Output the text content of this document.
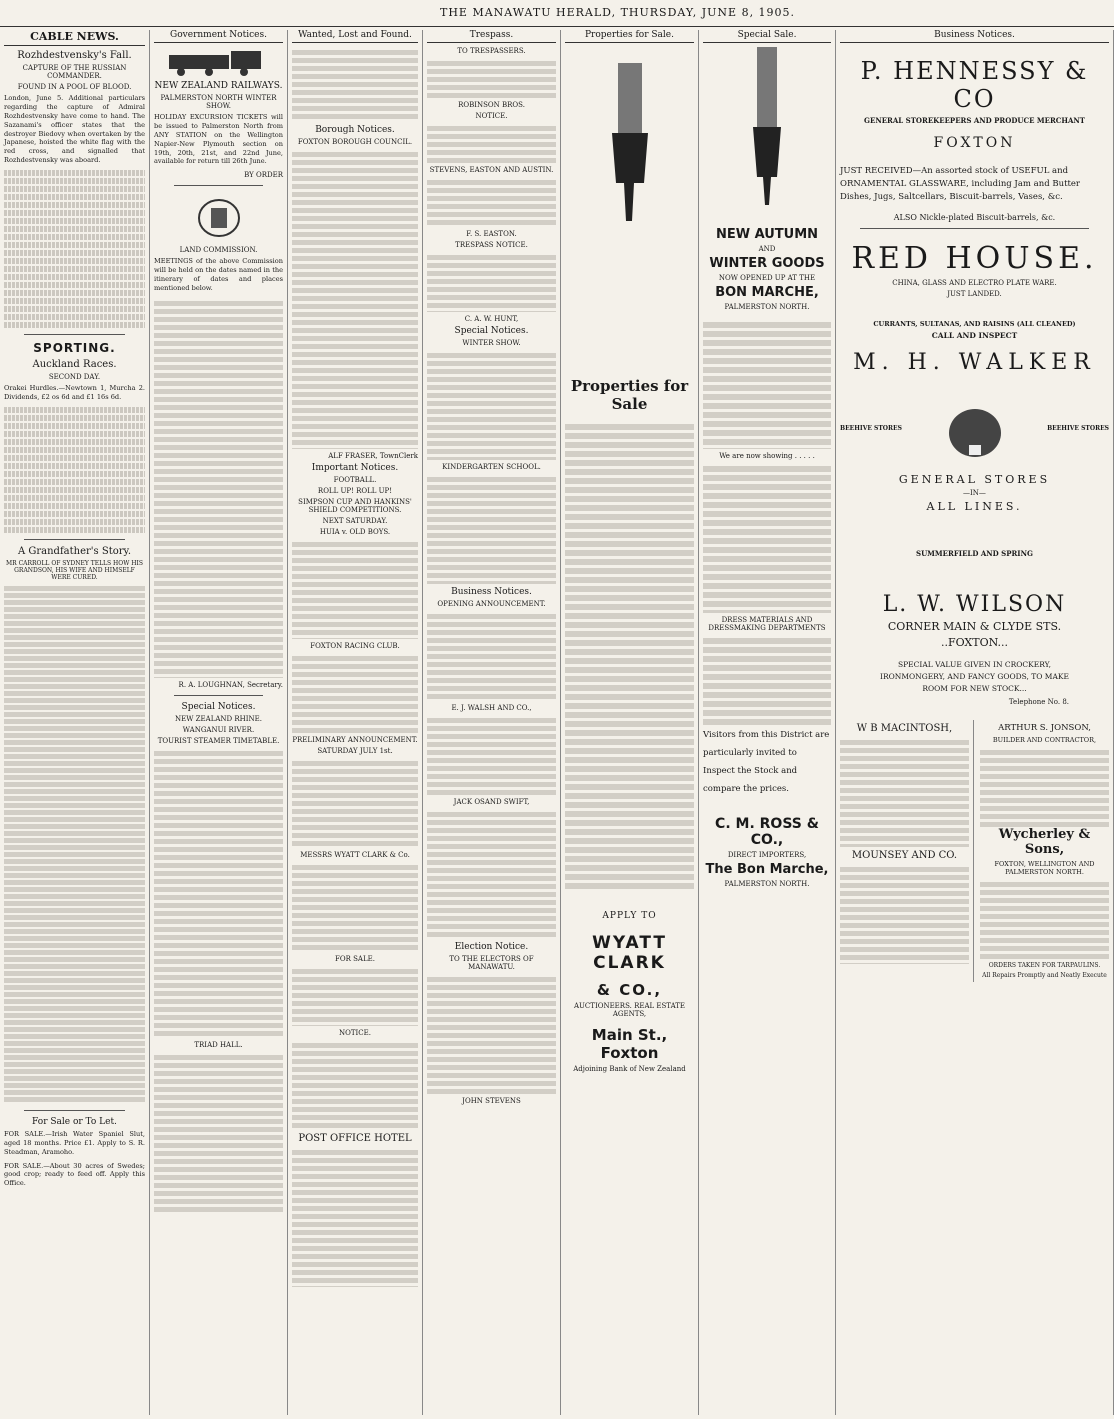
THE MANAWATU HERALD, THURSDAY, JUNE 8, 1905.
CABLE NEWS.
Rozhdestvensky's Fall.
CAPTURE OF THE RUSSIAN COMMANDER.
FOUND IN A POOL OF BLOOD.
London, June 5. Additional particulars regarding the capture of Admiral Rozhdestvensky have come to hand. The Sazanami's officer states that the destroyer Biedovy when overtaken by the Japanese, hoisted the white flag with the red cross, and signalled that Rozhdestvensky was aboard.
SPORTING.
Auckland Races.
SECOND DAY.
Orakei Hurdles.—Newtown 1, Murcha 2. Dividends, £2 os 6d and £1 16s 6d.
A Grandfather's Story.
MR CARROLL OF SYDNEY TELLS HOW HIS GRANDSON, HIS WIFE AND HIMSELF WERE CURED.
For Sale or To Let.
FOR SALE.—Irish Water Spaniel Slut, aged 18 months. Price £1. Apply to S. R. Steadman, Aramoho.
FOR SALE.—About 30 acres of Swedes; good crop; ready to feed off. Apply this Office.
Government Notices.
NEW ZEALAND RAILWAYS.
PALMERSTON NORTH WINTER SHOW.
HOLIDAY EXCURSION TICKETS will be issued to Palmerston North from ANY STATION on the Wellington Napier-New Plymouth section on 19th, 20th, 21st, and 22nd June, available for return till 26th June.
BY ORDER
LAND COMMISSION.
MEETINGS of the above Commission will be held on the dates named in the itinerary of dates and places mentioned below.
R. A. LOUGHNAN, Secretary.
Special Notices.
NEW ZEALAND RHINE.
WANGANUI RIVER.
TOURIST STEAMER TIMETABLE.
TRIAD HALL.
Wanted, Lost and Found.
Borough Notices.
FOXTON BOROUGH COUNCIL.
ALF FRASER, TownClerk
Important Notices.
FOOTBALL.
ROLL UP! ROLL UP!
SIMPSON CUP AND HANKINS' SHIELD COMPETITIONS.
NEXT SATURDAY.
HUIA v. OLD BOYS.
FOXTON RACING CLUB.
PRELIMINARY ANNOUNCEMENT.
SATURDAY JULY 1st.
MESSRS WYATT CLARK & Co.
FOR SALE.
NOTICE.
POST OFFICE HOTEL
Trespass.
TO TRESPASSERS.
ROBINSON BROS.
NOTICE.
STEVENS, EASTON AND AUSTIN.
F. S. EASTON.
TRESPASS NOTICE.
C. A. W. HUNT,
Special Notices.
WINTER SHOW.
KINDERGARTEN SCHOOL.
Business Notices.
OPENING ANNOUNCEMENT.
E. J. WALSH AND CO.,
JACK OSAND SWIFT,
Election Notice.
TO THE ELECTORS OF MANAWATU.
JOHN STEVENS
Properties for Sale.
Properties for Sale
APPLY TO
WYATT CLARK
& CO.,
AUCTIONEERS. REAL ESTATE AGENTS,
Main St., Foxton
Adjoining Bank of New Zealand
Special Sale.
NEW AUTUMN
AND
WINTER GOODS
NOW OPENED UP AT THE
BON MARCHE,
PALMERSTON NORTH.
We are now showing . . . . .
DRESS MATERIALS AND DRESSMAKING DEPARTMENTS
Visitors from this District are particularly invited to Inspect the Stock and compare the prices.
C. M. ROSS & CO.,
DIRECT IMPORTERS,
The Bon Marche,
PALMERSTON NORTH.
Business Notices.
P. HENNESSY & CO
GENERAL STOREKEEPERS AND PRODUCE MERCHANT
FOXTON
JUST RECEIVED—An assorted stock of USEFUL and ORNAMENTAL GLASSWARE, including Jam and Butter Dishes, Jugs, Saltcellars, Biscuit-barrels, Vases, &c.
ALSO Nickle-plated Biscuit-barrels, &c.
RED HOUSE.
CHINA, GLASS AND ELECTRO PLATE WARE.
JUST LANDED.
CURRANTS, SULTANAS, AND RAISINS (ALL CLEANED)
CALL AND INSPECT
M. H. WALKER
BEEHIVE STORES	BEEHIVE STORES
GENERAL STORES
—IN—
ALL LINES.
SUMMERFIELD AND SPRING
L. W. WILSON
CORNER MAIN & CLYDE STS.
..FOXTON...
SPECIAL VALUE GIVEN IN CROCKERY, IRONMONGERY, AND FANCY GOODS, TO MAKE ROOM FOR NEW STOCK...
Telephone No. 8.
W B MACINTOSH,
MOUNSEY AND CO.
ARTHUR S. JONSON,
BUILDER AND CONTRACTOR,
Wycherley & Sons,
FOXTON, WELLINGTON AND PALMERSTON NORTH.
ORDERS TAKEN FOR TARPAULINS.
All Repairs Promptly and Neatly Execute
